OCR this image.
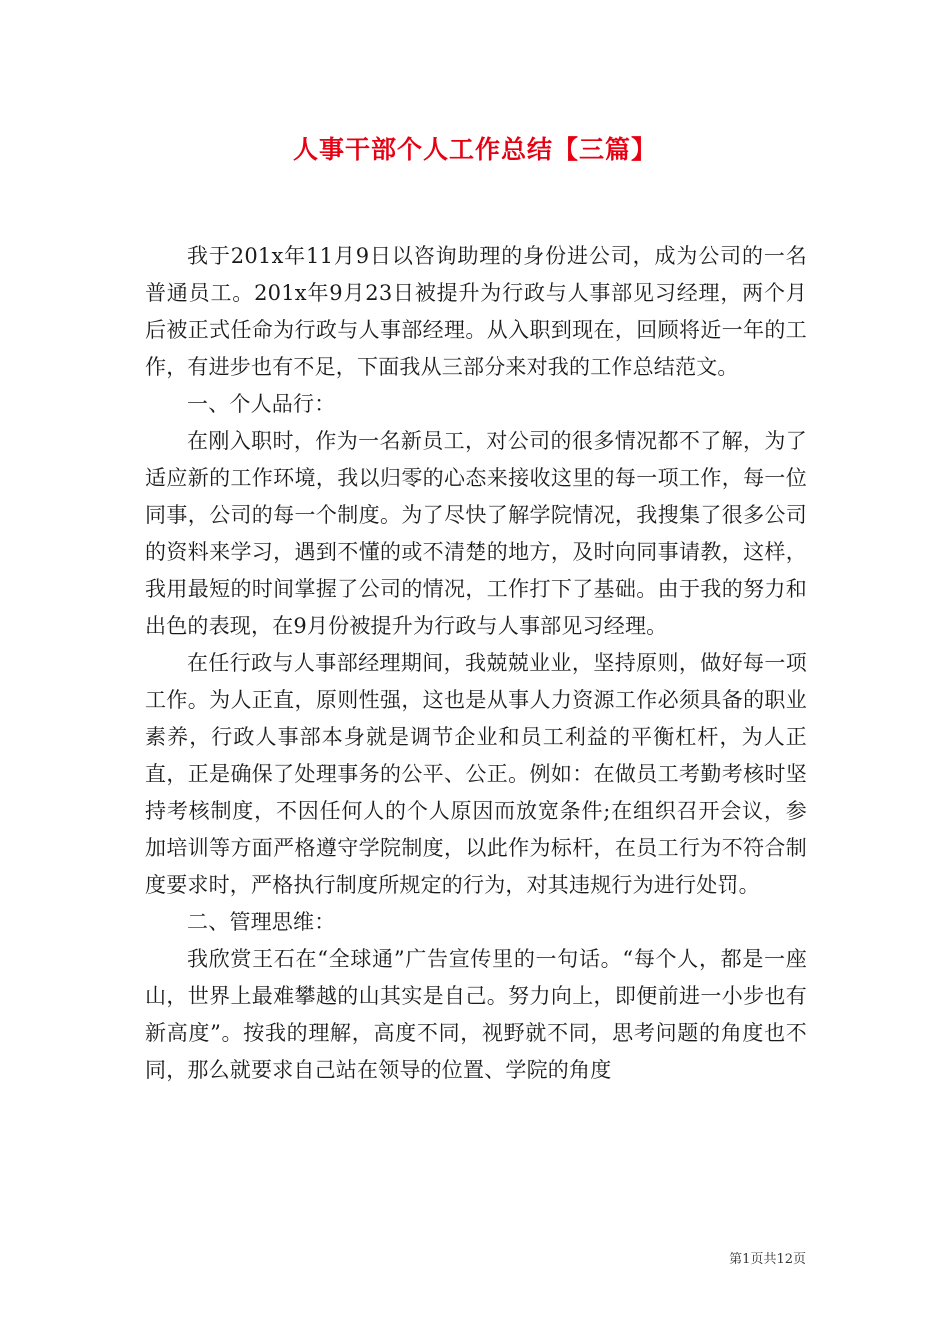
人事干部个人工作总结【三篇】

我于201x年11月9日以咨询助理的身份进公司，成为公司的一名普通员工。201x年9月23日被提升为行政与人事部见习经理，两个月后被正式任命为行政与人事部经理。从入职到现在，回顾将近一年的工作，有进步也有不足，下面我从三部分来对我的工作总结范文。

一、个人品行：

在刚入职时，作为一名新员工，对公司的很多情况都不了解，为了适应新的工作环境，我以归零的心态来接收这里的每一项工作，每一位同事，公司的每一个制度。为了尽快了解学院情况，我搜集了很多公司的资料来学习，遇到不懂的或不清楚的地方，及时向同事请教，这样，我用最短的时间掌握了公司的情况，工作打下了基础。由于我的努力和出色的表现，在9月份被提升为行政与人事部见习经理。

在任行政与人事部经理期间，我兢兢业业，坚持原则，做好每一项工作。为人正直，原则性强，这也是从事人力资源工作必须具备的职业素养，行政人事部本身就是调节企业和员工利益的平衡杠杆，为人正直，正是确保了处理事务的公平、公正。例如：在做员工考勤考核时坚持考核制度，不因任何人的个人原因而放宽条件;在组织召开会议，参加培训等方面严格遵守学院制度，以此作为标杆，在员工行为不符合制度要求时，严格执行制度所规定的行为，对其违规行为进行处罚。

二、管理思维：

我欣赏王石在“全球通”广告宣传里的一句话。“每个人，都是一座山，世界上最难攀越的山其实是自己。努力向上，即便前进一小步也有新高度”。按我的理解，高度不同，视野就不同，思考问题的角度也不同，那么就要求自己站在领导的位置、学院的角度

第1页共12页
